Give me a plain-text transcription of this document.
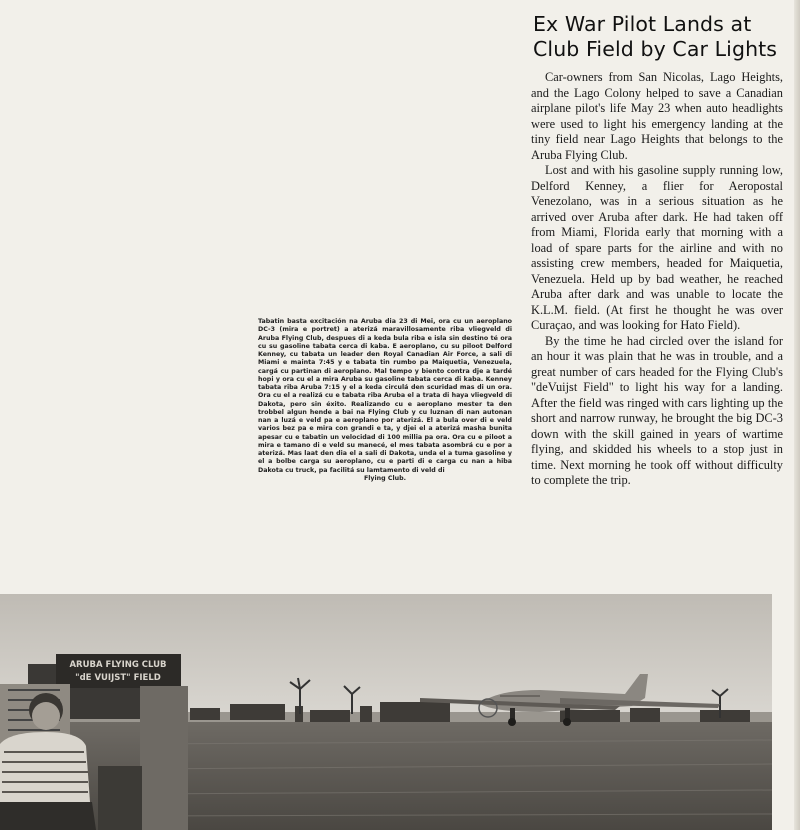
Ex War Pilot Lands at
Club Field by Car Lights

Car-owners from San Nicolas, Lago Heights, and the Lago Colony helped to save a Canadian airplane pilot's life May 23 when auto headlights were used to light his emergency landing at the tiny field near Lago Heights that belongs to the Aruba Flying Club.

Lost and with his gasoline supply running low, Delford Kenney, a flier for Aeropostal Venezolano, was in a serious situation as he arrived over Aruba after dark. He had taken off from Miami, Florida early that morning with a load of spare parts for the airline and with no assisting crew members, headed for Maiquetia, Venezuela. Held up by bad weather, he reached Aruba after dark and was unable to locate the K.L.M. field. (At first he thought he was over Curaçao, and was looking for Hato Field).

By the time he had circled over the island for an hour it was plain that he was in trouble, and a great number of cars headed for the Flying Club's "deVuijst Field" to light his way for a landing. After the field was ringed with cars lighting up the short and narrow runway, he brought the big DC-3 down with the skill gained in years of wartime flying, and skidded his wheels to a stop just in time. Next morning he took off without difficulty to complete the trip.

Tabatin basta excitación na Aruba dia 23 di Mei, ora cu un aeroplano DC-3 (mira e portret) a aterizá maravillosamente riba vliegveld di Aruba Flying Club, despues di a keda bula riba e isla sin destino té ora cu su gasoline tabata cerca di kaba. E aeroplano, cu su piloot Delford Kenney, cu tabata un leader den Royal Canadian Air Force, a sali di Miami e mainta 7:45 y e tabata tin rumbo pa Maiquetia, Venezuela, cargá cu partinan di aeroplano. Mal tempo y biento contra dje a tardé hopi y ora cu el a mira Aruba su gasoline tabata cerca di kaba. Kenney tabata riba Aruba 7:15 y el a keda circulá den scuridad mas di un ora. Ora cu el a realizá cu e tabata riba Aruba el a trata di haya vliegveld di Dakota, pero sin éxito. Realizando cu e aeroplano mester ta den trobbel algun hende a bai na Flying Club y cu luznan di nan autonan nan a luzá e veld pa e aeroplano por aterizá. El a bula over di e veld varios bez pa e mira con grandi e ta, y djei el a aterizá masha bunita apesar cu e tabatin un velocidad di 100 millia pa ora. Ora cu e piloot a mira e tamano di e veld su manecé, el mes tabata asombrá cu e por a aterizá. Mas laat den dia el a sali di Dakota, unda el a tuma gasoline y el a bolbe carga su aeroplano, cu e parti di e carga cu nan a hiba Dakota cu truck, pa facilitá su lamtamento di veld di
Flying Club.
ARUBA FLYING CLUB
"dE VUIJST" FIELD
